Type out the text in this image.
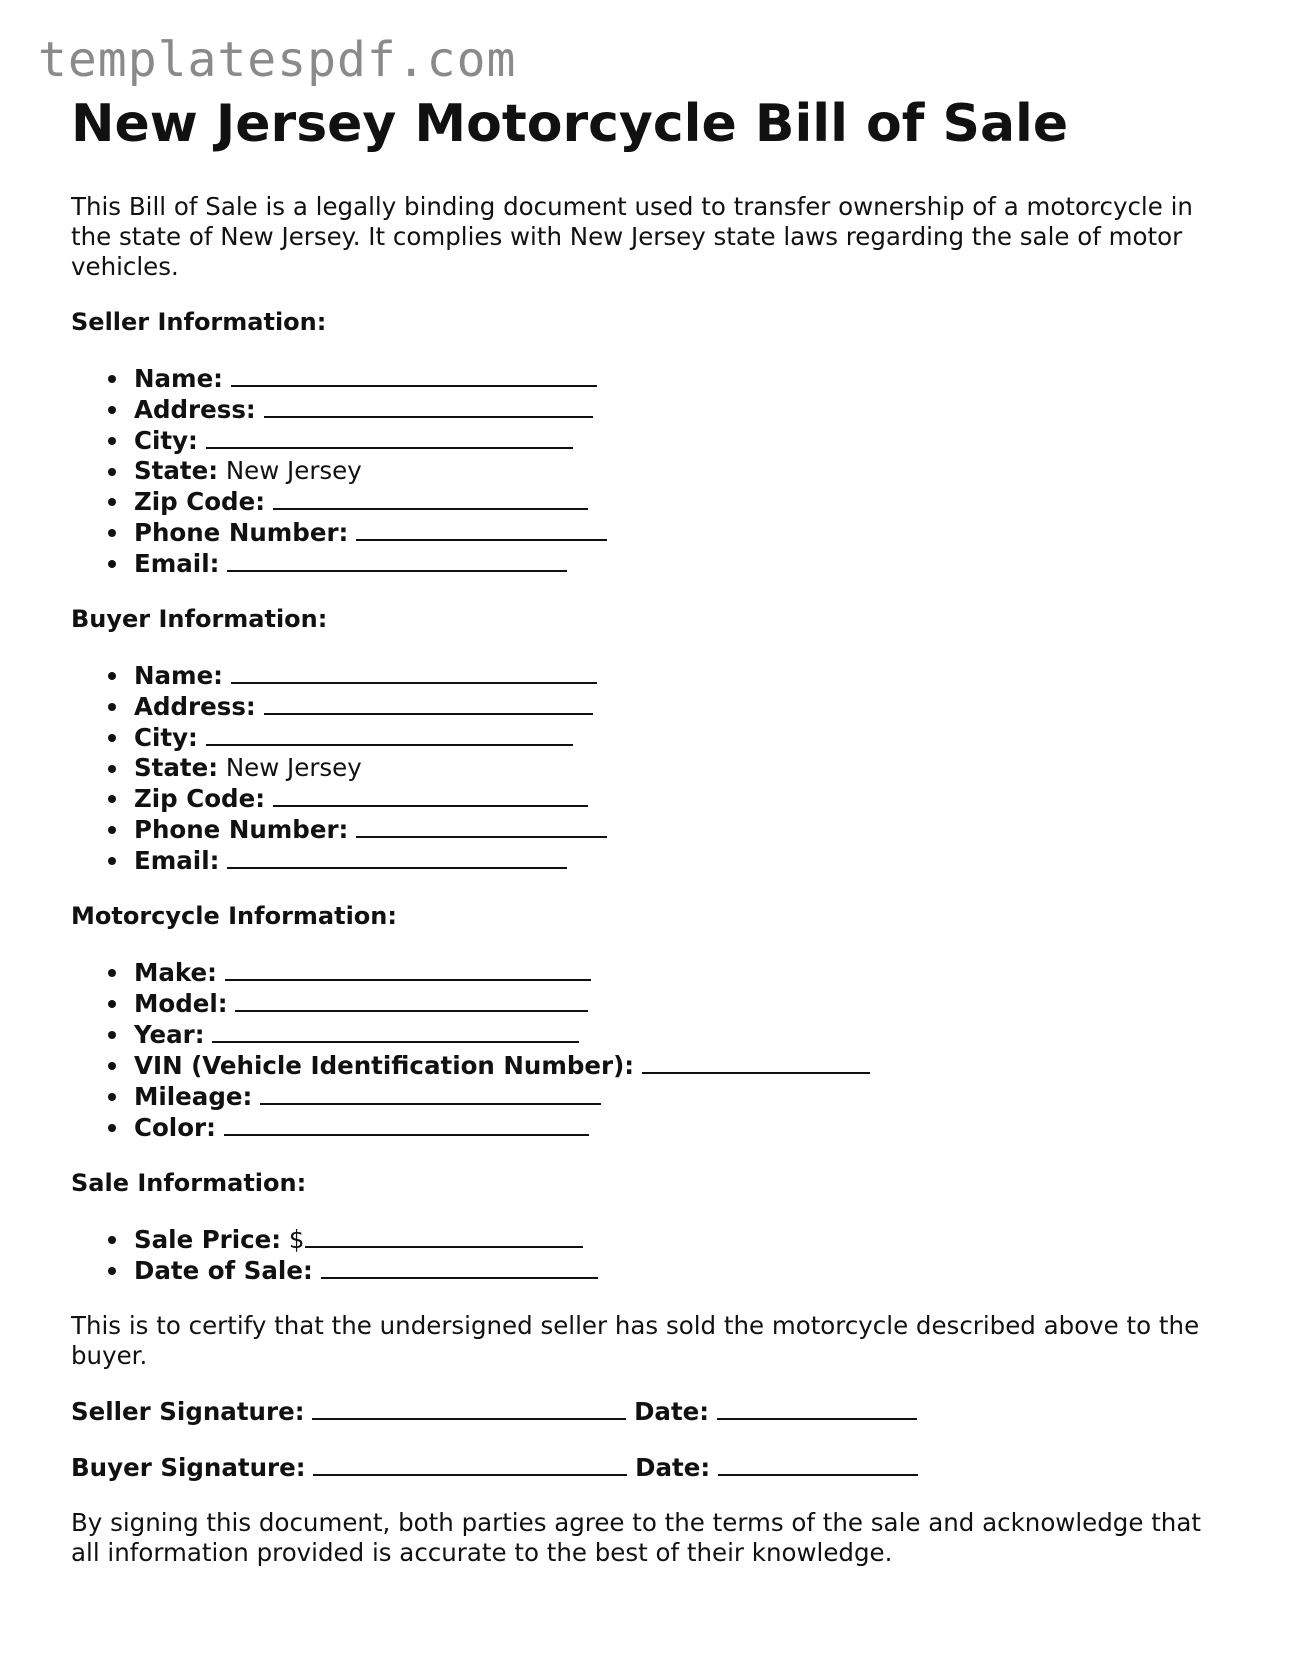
templatespdf.com
New Jersey Motorcycle Bill of Sale

This Bill of Sale is a legally binding document used to transfer ownership of a motorcycle in the state of New Jersey. It complies with New Jersey state laws regarding the sale of motor vehicles.

Seller Information:
Name:
Address:
City:
State: New Jersey
Zip Code:
Phone Number:
Email:
Buyer Information:
Name:
Address:
City:
State: New Jersey
Zip Code:
Phone Number:
Email:
Motorcycle Information:
Make:
Model:
Year:
VIN (Vehicle Identification Number):
Mileage:
Color:
Sale Information:
Sale Price: $
Date of Sale:

This is to certify that the undersigned seller has sold the motorcycle described above to the buyer.

Seller Signature:	Date:
Buyer Signature:	Date:

By signing this document, both parties agree to the terms of the sale and acknowledge that all information provided is accurate to the best of their knowledge.
